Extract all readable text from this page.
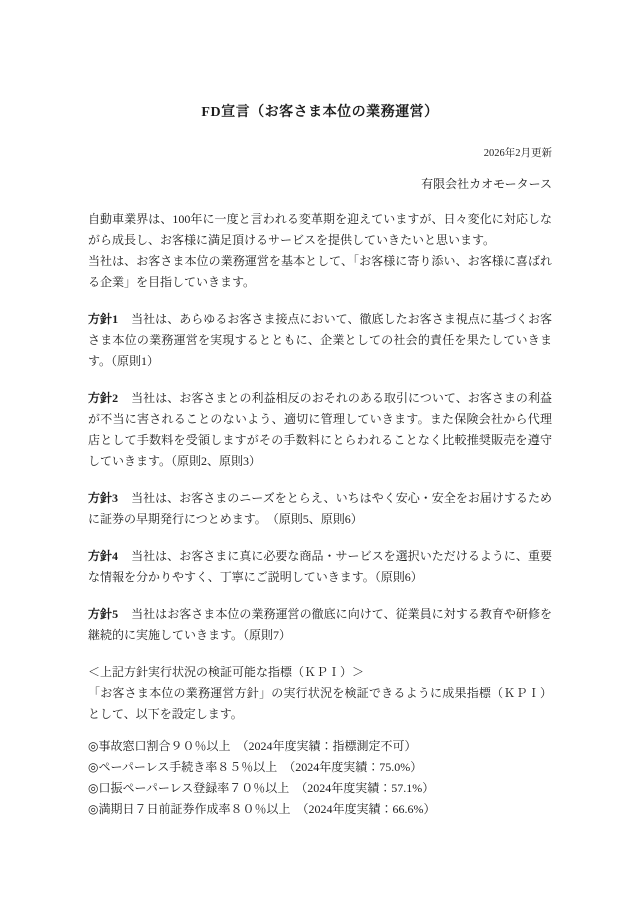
FD宣言（お客さま本位の業務運営）
2026年2月更新
有限会社カオモータース

自動車業界は、100年に一度と言われる変革期を迎えていますが、日々変化に対応しながら成長し、お客様に満足頂けるサービスを提供していきたいと思います。

当社は、お客さま本位の業務運営を基本として、「お客様に寄り添い、お客様に喜ばれる企業」を目指していきます。

方針1 当社は、あらゆるお客さま接点において、徹底したお客さま視点に基づくお客さま本位の業務運営を実現するとともに、企業としての社会的責任を果たしていきます。（原則1）

方針2 当社は、お客さまとの利益相反のおそれのある取引について、お客さまの利益が不当に害されることのないよう、適切に管理していきます。また保険会社から代理店として手数料を受領しますがその手数料にとらわれることなく比較推奨販売を遵守していきます。（原則2、原則3）

方針3 当社は、お客さまのニーズをとらえ、いちはやく安心・安全をお届けするために証券の早期発行につとめます。　（原則5、原則6）

方針4 当社は、お客さまに真に必要な商品・サービスを選択いただけるように、重要な情報を分かりやすく、丁寧にご説明していきます。（原則6）

方針5 当社はお客さま本位の業務運営の徹底に向けて、従業員に対する教育や研修を継続的に実施していきます。（原則7）

＜上記方針実行状況の検証可能な指標（ＫＰＩ）＞

「お客さま本位の業務運営方針」の実行状況を検証できるように成果指標（ＫＰＩ）として、以下を設定します。

◎事故窓口割合９０％以上　（2024年度実績：指標測定不可）

◎ペーパーレス手続き率８５％以上　（2024年度実績：75.0%）

◎口振ペーパーレス登録率７０％以上　（2024年度実績：57.1%）

◎満期日７日前証券作成率８０％以上　（2024年度実績：66.6%）
